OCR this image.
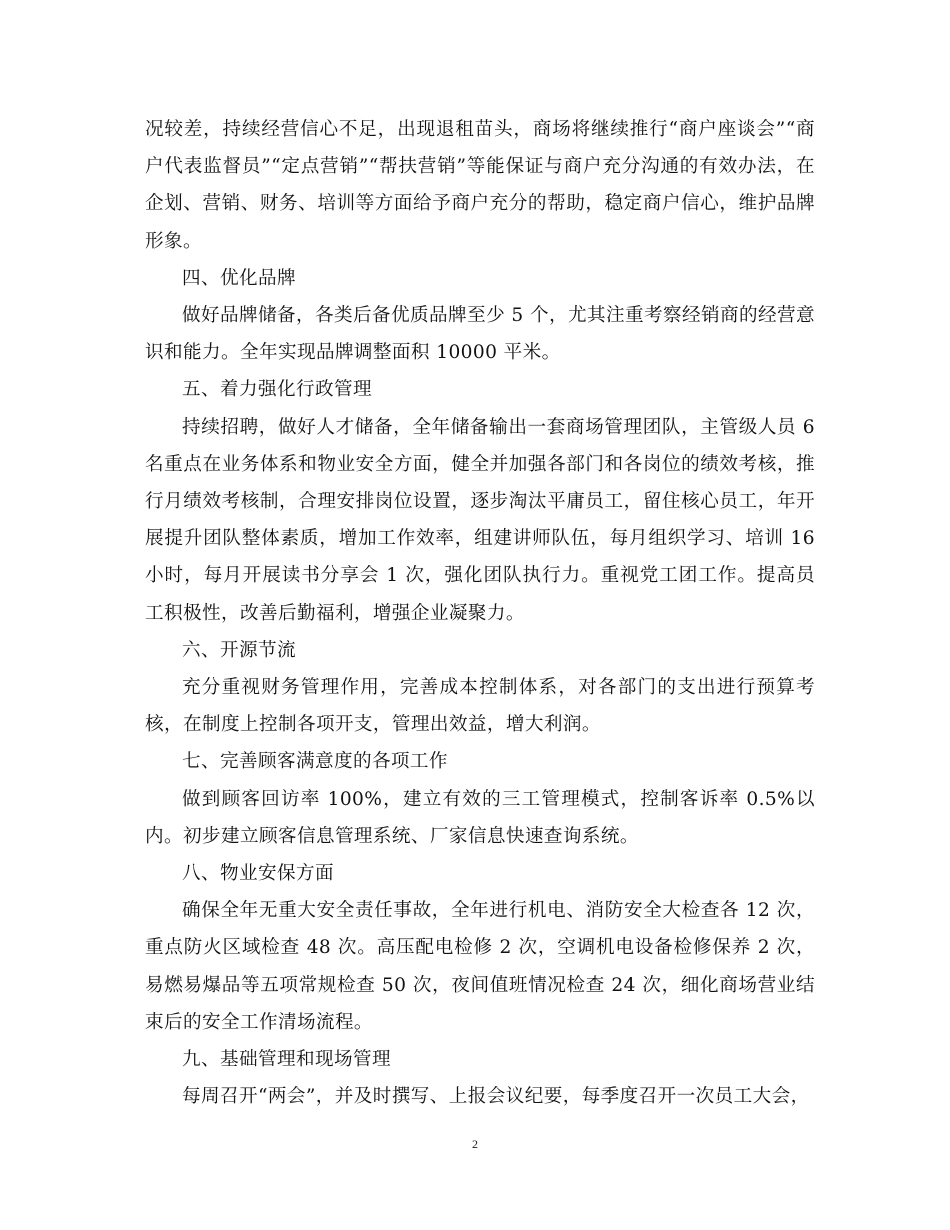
况较差，持续经营信心不足，出现退租苗头，商场将继续推行“商户座谈会”“商户代表监督员”“定点营销”“帮扶营销”等能保证与商户充分沟通的有效办法，在企划、营销、财务、培训等方面给予商户充分的帮助，稳定商户信心，维护品牌形象。

四、优化品牌

做好品牌储备，各类后备优质品牌至少 5 个，尤其注重考察经销商的经营意识和能力。全年实现品牌调整面积 10000 平米。

五、着力强化行政管理

持续招聘，做好人才储备，全年储备输出一套商场管理团队，主管级人员 6 名重点在业务体系和物业安全方面，健全并加强各部门和各岗位的绩效考核，推行月绩效考核制，合理安排岗位设置，逐步淘汰平庸员工，留住核心员工，年开展提升团队整体素质，增加工作效率，组建讲师队伍，每月组织学习、培训 16 小时，每月开展读书分享会 1 次，强化团队执行力。重视党工团工作。提高员工积极性，改善后勤福利，增强企业凝聚力。

六、开源节流

充分重视财务管理作用，完善成本控制体系，对各部门的支出进行预算考核，在制度上控制各项开支，管理出效益，增大利润。

七、完善顾客满意度的各项工作

做到顾客回访率 100%，建立有效的三工管理模式，控制客诉率 0.5%以内。初步建立顾客信息管理系统、厂家信息快速查询系统。

八、物业安保方面

确保全年无重大安全责任事故，全年进行机电、消防安全大检查各 12 次，重点防火区域检查 48 次。高压配电检修 2 次，空调机电设备检修保养 2 次，易燃易爆品等五项常规检查 50 次，夜间值班情况检查 24 次，细化商场营业结束后的安全工作清场流程。

九、基础管理和现场管理

每周召开“两会”，并及时撰写、上报会议纪要，每季度召开一次员工大会，

2
